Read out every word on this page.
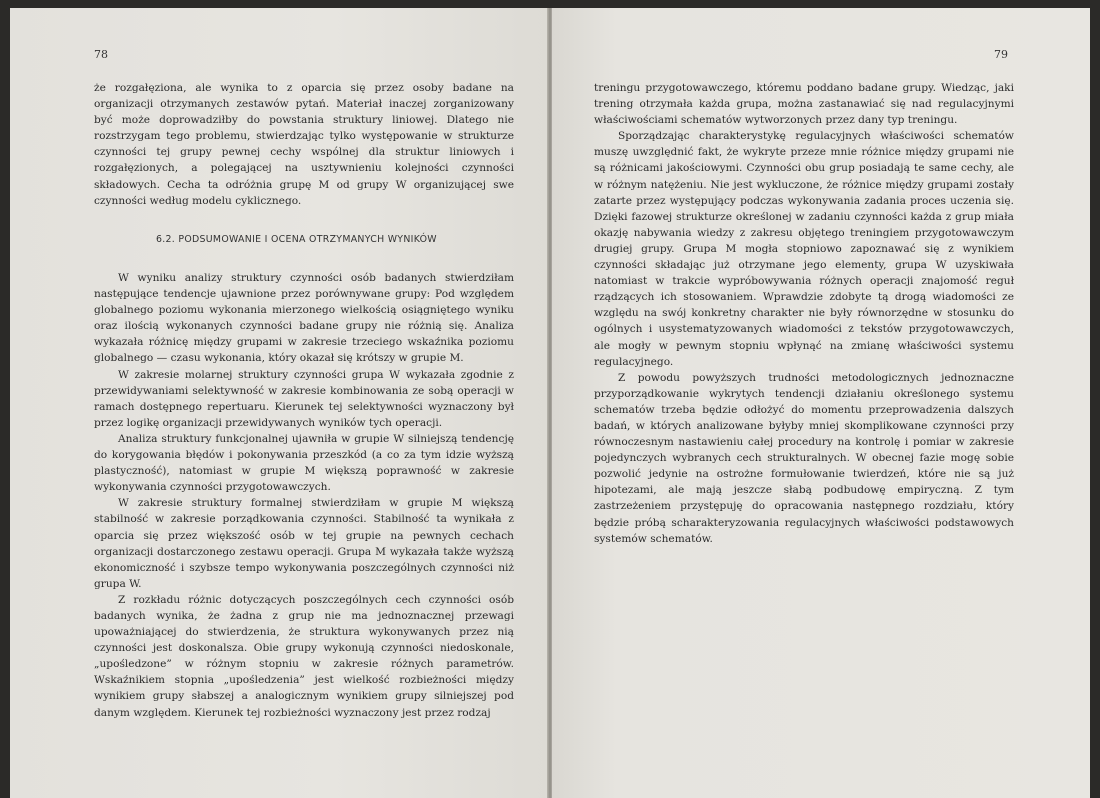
78

że rozgałęziona, ale wynika to z oparcia się przez osoby badane na organizacji otrzymanych zestawów pytań. Materiał inaczej zorganizowany być może doprowadziłby do powstania struktury liniowej. Dlatego nie rozstrzygam tego problemu, stwierdzając tylko występowanie w strukturze czynności tej grupy pewnej cechy wspólnej dla struktur liniowych i rozgałęzionych, a polegającej na usztywnieniu kolejności czynności składowych. Cecha ta odróżnia grupę M od grupy W organizującej swe czynności według modelu cyklicznego.

6.2. PODSUMOWANIE I OCENA OTRZYMANYCH WYNIKÓW

W wyniku analizy struktury czynności osób badanych stwierdziłam następujące tendencje ujawnione przez porównywane grupy: Pod względem globalnego poziomu wykonania mierzonego wielkością osiągniętego wyniku oraz ilością wykonanych czynności badane grupy nie różnią się. Analiza wykazała różnicę między grupami w zakresie trzeciego wskaźnika poziomu globalnego — czasu wykonania, który okazał się krótszy w grupie M.

W zakresie molarnej struktury czynności grupa W wykazała zgodnie z przewidywaniami selektywność w zakresie kombinowania ze sobą operacji w ramach dostępnego repertuaru. Kierunek tej selektywności wyznaczony był przez logikę organizacji przewidywanych wyników tych operacji.

Analiza struktury funkcjonalnej ujawniła w grupie W silniejszą tendencję do korygowania błędów i pokonywania przeszkód (a co za tym idzie wyższą plastyczność), natomiast w grupie M większą poprawność w zakresie wykonywania czynności przygotowawczych.

W zakresie struktury formalnej stwierdziłam w grupie M większą stabilność w zakresie porządkowania czynności. Stabilność ta wynikała z oparcia się przez większość osób w tej grupie na pewnych cechach organizacji dostarczonego zestawu operacji. Grupa M wykazała także wyższą ekonomiczność i szybsze tempo wykonywania poszczególnych czynności niż grupa W.

Z rozkładu różnic dotyczących poszczególnych cech czynności osób badanych wynika, że żadna z grup nie ma jednoznacznej przewagi upoważniającej do stwierdzenia, że struktura wykonywanych przez nią czynności jest doskonalsza. Obie grupy wykonują czynności niedoskonale, „upośledzone” w różnym stopniu w zakresie różnych parametrów. Wskaźnikiem stopnia „upośledzenia” jest wielkość rozbieżności między wynikiem grupy słabszej a analogicznym wynikiem grupy silniejszej pod danym względem. Kierunek tej rozbieżności wyznaczony jest przez rodzaj

79

treningu przygotowawczego, któremu poddano badane grupy. Wiedząc, jaki trening otrzymała każda grupa, można zastanawiać się nad regulacyjnymi właściwościami schematów wytworzonych przez dany typ treningu.

Sporządzając charakterystykę regulacyjnych właściwości schematów muszę uwzględnić fakt, że wykryte przeze mnie różnice między grupami nie są różnicami jakościowymi. Czynności obu grup posiadają te same cechy, ale w różnym natężeniu. Nie jest wykluczone, że różnice między grupami zostały zatarte przez występujący podczas wykonywania zadania proces uczenia się. Dzięki fazowej strukturze określonej w zadaniu czynności każda z grup miała okazję nabywania wiedzy z zakresu objętego treningiem przygotowawczym drugiej grupy. Grupa M mogła stopniowo zapoznawać się z wynikiem czynności składając już otrzymane jego elementy, grupa W uzyskiwała natomiast w trakcie wypróbowywania różnych operacji znajomość reguł rządzących ich stosowaniem. Wprawdzie zdobyte tą drogą wiadomości ze względu na swój konkretny charakter nie były równorzędne w stosunku do ogólnych i usystematyzowanych wiadomości z tekstów przygotowawczych, ale mogły w pewnym stopniu wpłynąć na zmianę właściwości systemu regulacyjnego.

Z powodu powyższych trudności metodologicznych jednoznaczne przyporządkowanie wykrytych tendencji działaniu określonego systemu schematów trzeba będzie odłożyć do momentu przeprowadzenia dalszych badań, w których analizowane byłyby mniej skomplikowane czynności przy równoczesnym nastawieniu całej procedury na kontrolę i pomiar w zakresie pojedynczych wybranych cech strukturalnych. W obecnej fazie mogę sobie pozwolić jedynie na ostrożne formułowanie twierdzeń, które nie są już hipotezami, ale mają jeszcze słabą podbudowę empiryczną. Z tym zastrzeżeniem przystępuję do opracowania następnego rozdziału, który będzie próbą scharakteryzowania regulacyjnych właściwości podstawowych systemów schematów.
